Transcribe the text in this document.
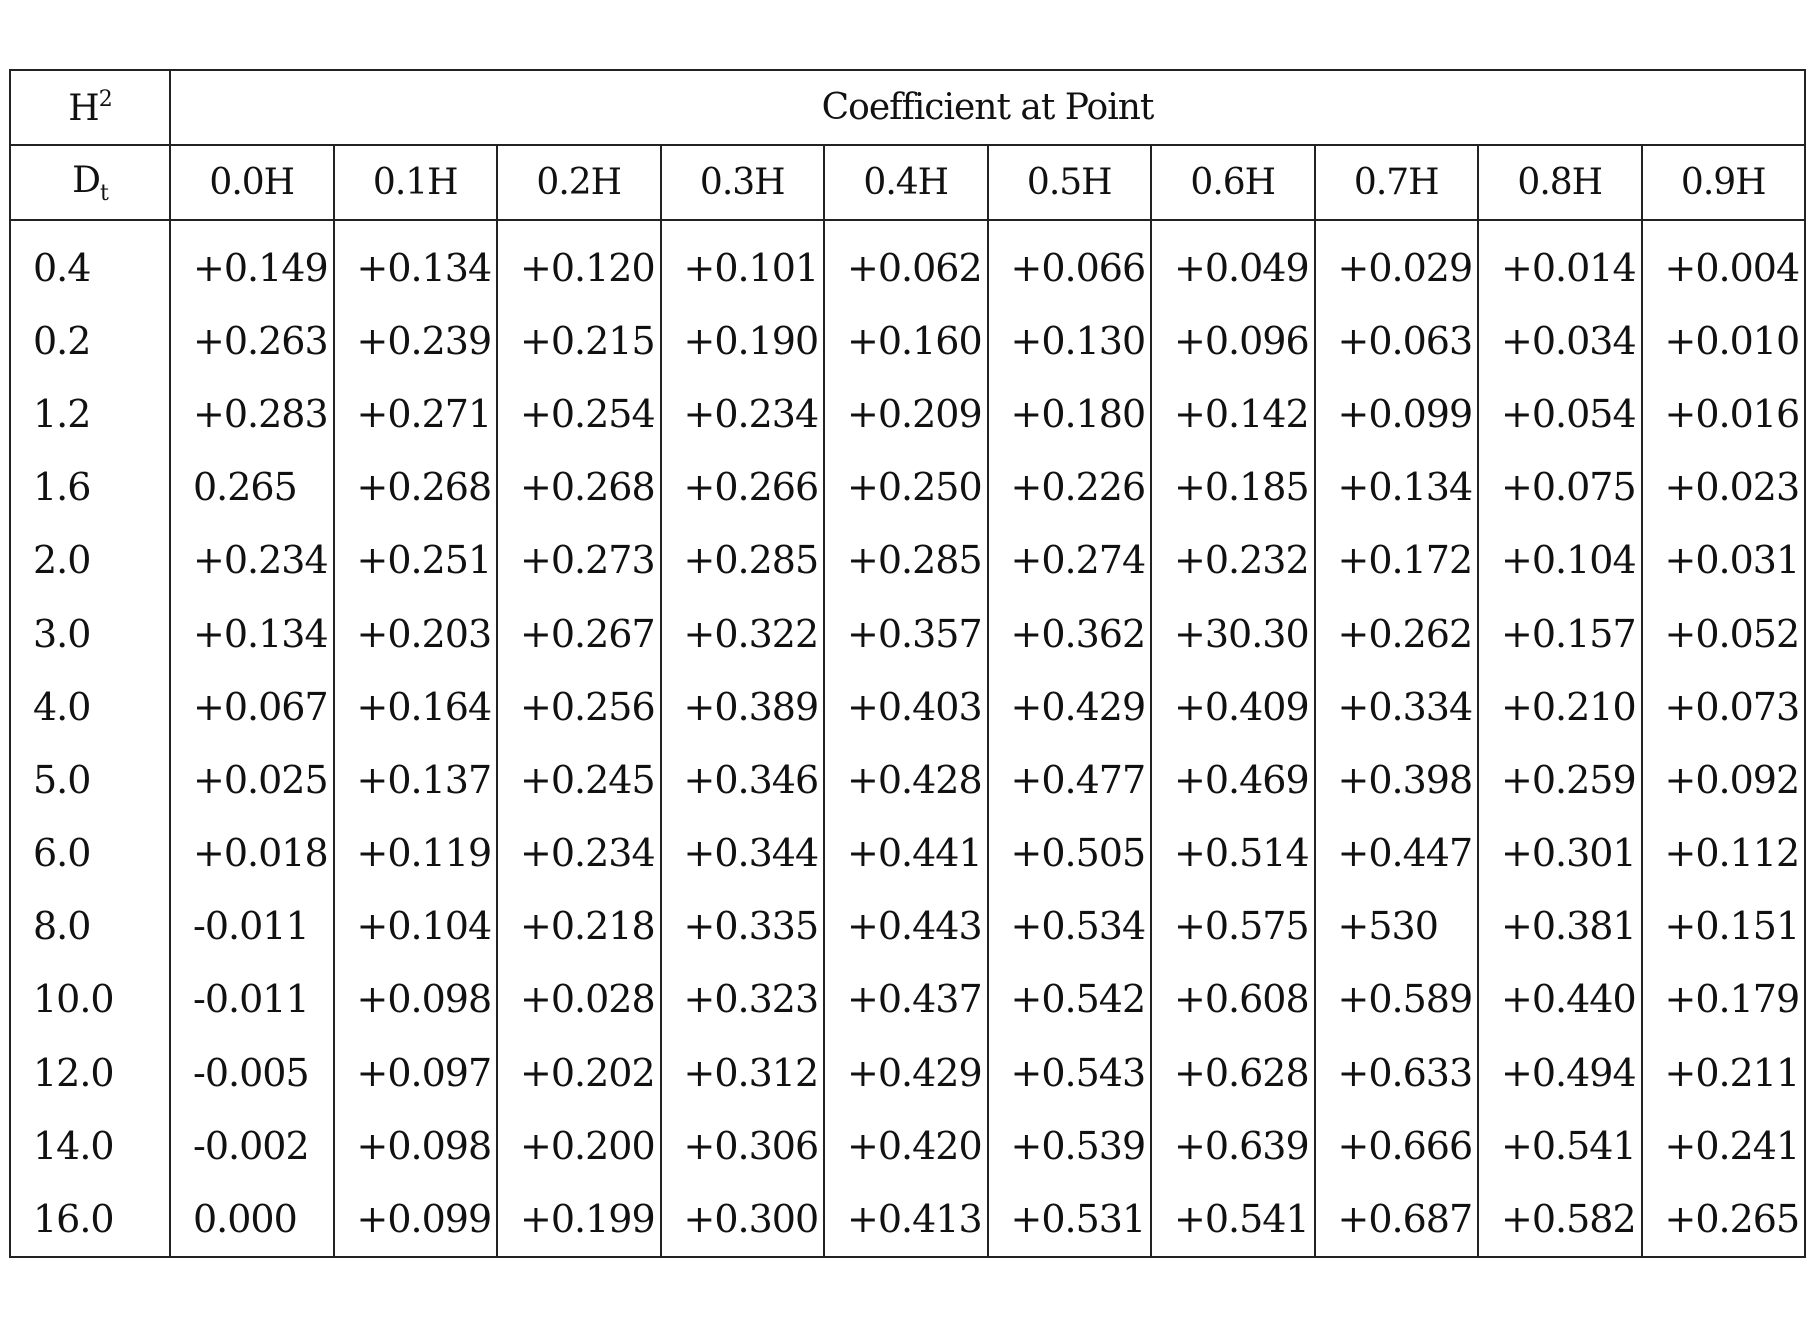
$H^2$	Coefficient at Point									
$D_t$	0.0H	0.1H	0.2H	0.3H	0.4H	0.5H	0.6H	0.7H	0.8H	0.9H
0.4	+0.149	+0.134	+0.120	+0.101	+0.062	+0.066	+0.049	+0.029	+0.014	+0.004
0.2	+0.263	+0.239	+0.215	+0.190	+0.160	+0.130	+0.096	+0.063	+0.034	+0.010
1.2	+0.283	+0.271	+0.254	+0.234	+0.209	+0.180	+0.142	+0.099	+0.054	+0.016
1.6	0.265	+0.268	+0.268	+0.266	+0.250	+0.226	+0.185	+0.134	+0.075	+0.023
2.0	+0.234	+0.251	+0.273	+0.285	+0.285	+0.274	+0.232	+0.172	+0.104	+0.031
3.0	+0.134	+0.203	+0.267	+0.322	+0.357	+0.362	+30.30	+0.262	+0.157	+0.052
4.0	+0.067	+0.164	+0.256	+0.389	+0.403	+0.429	+0.409	+0.334	+0.210	+0.073
5.0	+0.025	+0.137	+0.245	+0.346	+0.428	+0.477	+0.469	+0.398	+0.259	+0.092
6.0	+0.018	+0.119	+0.234	+0.344	+0.441	+0.505	+0.514	+0.447	+0.301	+0.112
8.0	-0.011	+0.104	+0.218	+0.335	+0.443	+0.534	+0.575	+530	+0.381	+0.151
10.0	-0.011	+0.098	+0.028	+0.323	+0.437	+0.542	+0.608	+0.589	+0.440	+0.179
12.0	-0.005	+0.097	+0.202	+0.312	+0.429	+0.543	+0.628	+0.633	+0.494	+0.211
14.0	-0.002	+0.098	+0.200	+0.306	+0.420	+0.539	+0.639	+0.666	+0.541	+0.241
16.0	0.000	+0.099	+0.199	+0.300	+0.413	+0.531	+0.541	+0.687	+0.582	+0.265
